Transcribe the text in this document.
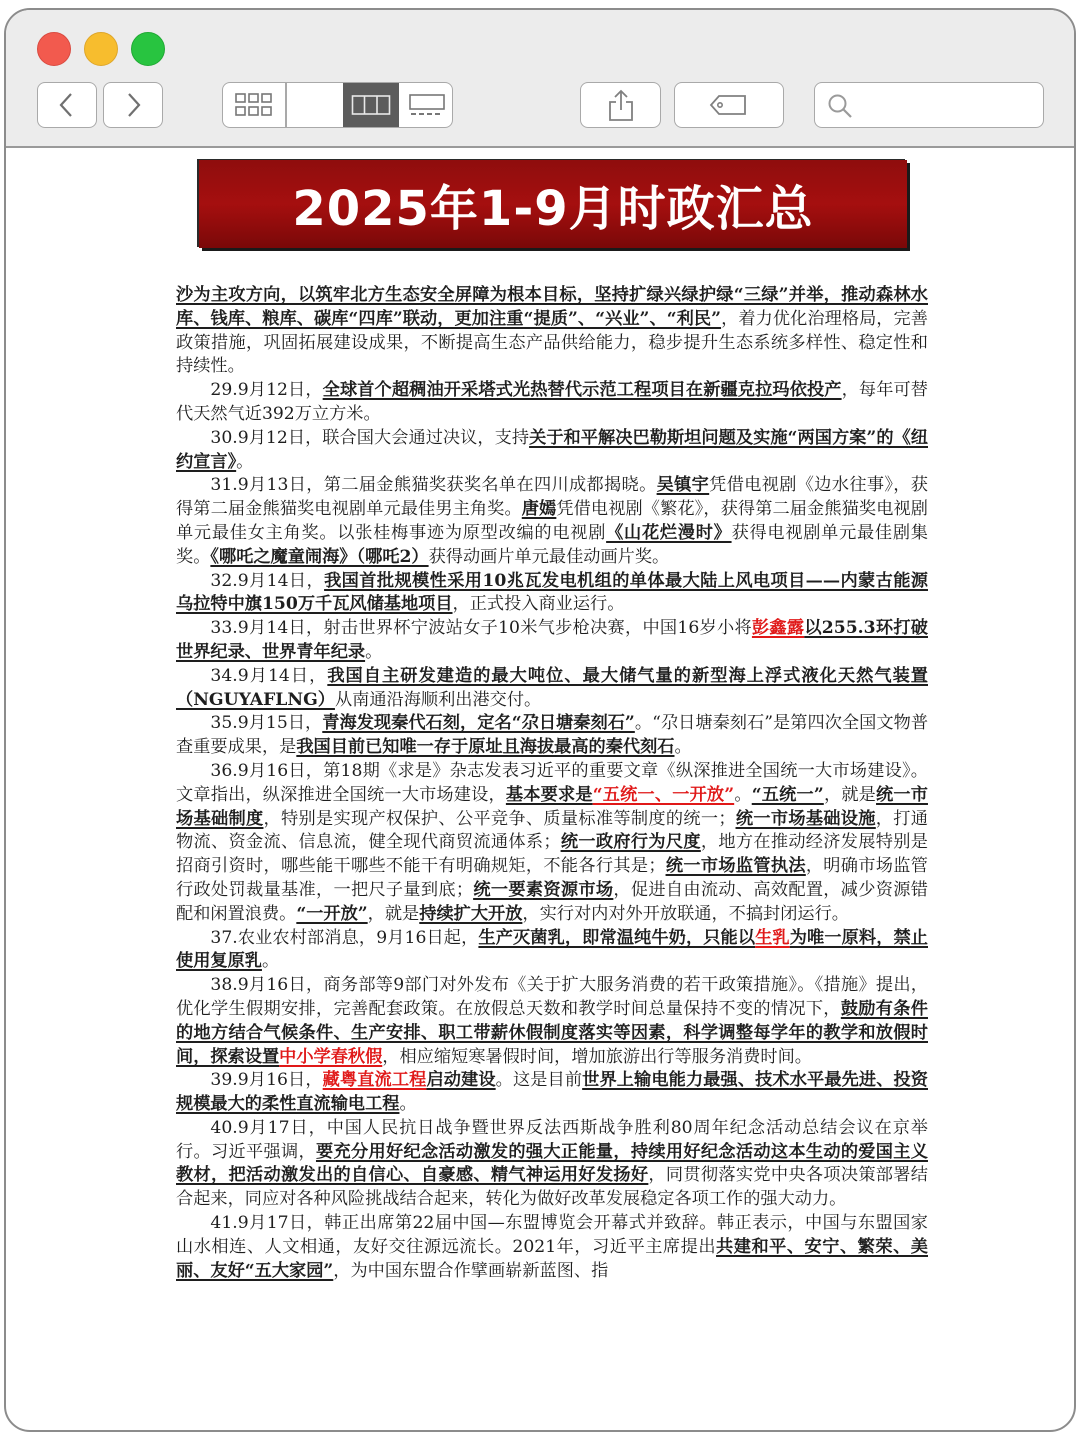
2025年1-9月时政汇总

沙为主攻方向，以筑牢北方生态安全屏障为根本目标，坚持扩绿兴绿护绿“三绿”并举，推动森林水库、钱库、粮库、碳库“四库”联动，更加注重“提质”、“兴业”、“利民”，着力优化治理格局，完善政策措施，巩固拓展建设成果，不断提高生态产品供给能力，稳步提升生态系统多样性、稳定性和持续性。

29.9月12日，全球首个超稠油开采塔式光热替代示范工程项目在新疆克拉玛依投产，每年可替代天然气近392万立方米。

30.9月12日，联合国大会通过决议，支持关于和平解决巴勒斯坦问题及实施“两国方案”的《纽约宣言》。

31.9月13日，第二届金熊猫奖获奖名单在四川成都揭晓。吴镇宇凭借电视剧《边水往事》，获得第二届金熊猫奖电视剧单元最佳男主角奖。唐嫣凭借电视剧《繁花》，获得第二届金熊猫奖电视剧单元最佳女主角奖。以张桂梅事迹为原型改编的电视剧《山花烂漫时》获得电视剧单元最佳剧集奖。《哪吒之魔童闹海》（哪吒2）获得动画片单元最佳动画片奖。

32.9月14日，我国首批规模性采用10兆瓦发电机组的单体最大陆上风电项目——内蒙古能源乌拉特中旗150万千瓦风储基地项目，正式投入商业运行。

33.9月14日，射击世界杯宁波站女子10米气步枪决赛，中国16岁小将彭鑫露以255.3环打破世界纪录、世界青年纪录。

34.9月14日，我国自主研发建造的最大吨位、最大储气量的新型海上浮式液化天然气装置（NGUYAFLNG）从南通沿海顺利出港交付。

35.9月15日，青海发现秦代石刻，定名“尕日塘秦刻石”。“尕日塘秦刻石”是第四次全国文物普查重要成果，是我国目前已知唯一存于原址且海拔最高的秦代刻石。

36.9月16日，第18期《求是》杂志发表习近平的重要文章《纵深推进全国统一大市场建设》。文章指出，纵深推进全国统一大市场建设，基本要求是“五统一、一开放”。“五统一”，就是统一市场基础制度，特别是实现产权保护、公平竞争、质量标准等制度的统一；统一市场基础设施，打通物流、资金流、信息流，健全现代商贸流通体系；统一政府行为尺度，地方在推动经济发展特别是招商引资时，哪些能干哪些不能干有明确规矩，不能各行其是；统一市场监管执法，明确市场监管行政处罚裁量基准，一把尺子量到底；统一要素资源市场，促进自由流动、高效配置，减少资源错配和闲置浪费。“一开放”，就是持续扩大开放，实行对内对外开放联通，不搞封闭运行。

37.农业农村部消息，9月16日起，生产灭菌乳，即常温纯牛奶，只能以生乳为唯一原料，禁止使用复原乳。

38.9月16日，商务部等9部门对外发布《关于扩大服务消费的若干政策措施》。《措施》提出，优化学生假期安排，完善配套政策。在放假总天数和教学时间总量保持不变的情况下，鼓励有条件的地方结合气候条件、生产安排、职工带薪休假制度落实等因素，科学调整每学年的教学和放假时间，探索设置中小学春秋假，相应缩短寒暑假时间，增加旅游出行等服务消费时间。

39.9月16日，藏粤直流工程启动建设。这是目前世界上输电能力最强、技术水平最先进、投资规模最大的柔性直流输电工程。

40.9月17日，中国人民抗日战争暨世界反法西斯战争胜利80周年纪念活动总结会议在京举行。习近平强调，要充分用好纪念活动激发的强大正能量，持续用好纪念活动这本生动的爱国主义教材，把活动激发出的自信心、自豪感、精气神运用好发扬好，同贯彻落实党中央各项决策部署结合起来，同应对各种风险挑战结合起来，转化为做好改革发展稳定各项工作的强大动力。

41.9月17日，韩正出席第22届中国—东盟博览会开幕式并致辞。韩正表示，中国与东盟国家山水相连、人文相通，友好交往源远流长。2021年，习近平主席提出共建和平、安宁、繁荣、美丽、友好“五大家园”，为中国东盟合作擘画崭新蓝图、指
